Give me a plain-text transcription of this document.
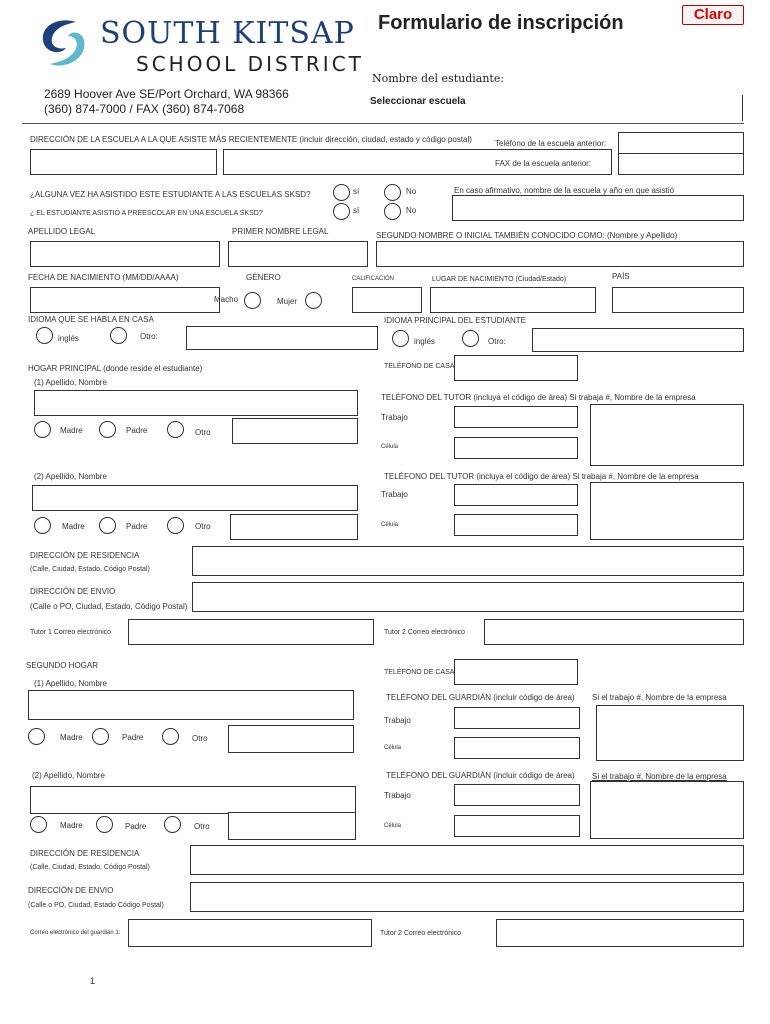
SOUTH KITSAP
SCHOOL DISTRICT
2689 Hoover Ave SE/Port Orchard, WA 98366
(360) 874-7000 / FAX (360) 874-7068
Formulario de inscripción	Claro
Nombre del estudiante:
Seleccionar escuela
DIRECCIÓN DE LA ESCUELA A LA QUE ASISTE MÁS RECIENTEMENTE (incluir dirección, ciudad, estado y código postal)	Teléfono de la escuela anterior:
FAX de la escuela anterior:
¿ALGUNA VEZ HA ASISTIDO ESTE ESTUDIANTE A LAS ESCUELAS SKSD?	sí	No	En caso afirmativo, nombre de la escuela y año en que asistió
¿ EL ESTUDIANTE ASISTIÓ A PREESCOLAR EN UNA ESCUELA SKSD?	sí	No
APELLIDO LEGAL	PRIMER NOMBRE LEGAL	SEGUNDO NOMBRE O INICIAL TAMBIÉN CONOCIDO COMO: (Nombre y Apellido)
FECHA DE NACIMIENTO (MM/DD/AAAA)	GÉNERO	CALIFICACIÓN	LUGAR DE NACIMIENTO (Ciudad/Estado)	PAÍS
Macho	Mujer
IDIOMA QUE SE HABLA EN CASA
inglés	Otro:
IDIOMA PRINCIPAL DEL ESTUDIANTE
inglés	Otro:
HOGAR PRINCIPAL (donde reside el estudiante)	TELÉFONO DE CASA
(1) Apellido, Nombre
TELÉFONO DEL TUTOR (incluya el código de área) Si trabaja #, Nombre de la empresa
Trabajo
Madre	Padre	Otro
Célula
(2) Apellido, Nombre	TELÉFONO DEL TUTOR (incluya el código de área) Si trabaja #, Nombre de la empresa
Trabajo
Madre	Padre	Otro	Célula
DIRECCIÓN DE RESIDENCIA
(Calle, Ciudad, Estado, Código Postal)
DIRECCIÓN DE ENVIO
(Calle o PO, Ciudad, Estado, Código Postal)
Tutor 1 Correo electrónico	Tutor 2 Correo electrónico
SEGUNDO HOGAR
TELÉFONO DE CASA
(1) Apellido, Nombre
TELÉFONO DEL GUARDIÁN (incluir código de área) Si el trabajo #, Nombre de la empresa
Trabajo
Madre	Padre	Otro
Célula
(2) Apellido, Nombre	TELÉFONO DEL GUARDIÁN (incluir código de área) Si el trabajo #, Nombre de la empresa
Trabajo
Madre	Padre	Otro	Célula
DIRECCIÓN DE RESIDENCIA
(Calle, Ciudad, Estado, Código Postal)
DIRECCIÓN DE ENVIO
(Calle o PO, Ciudad, Estado Código Postal)
Correo electrónico del guardián 1:	Tutor 2 Correo electrónico
1
